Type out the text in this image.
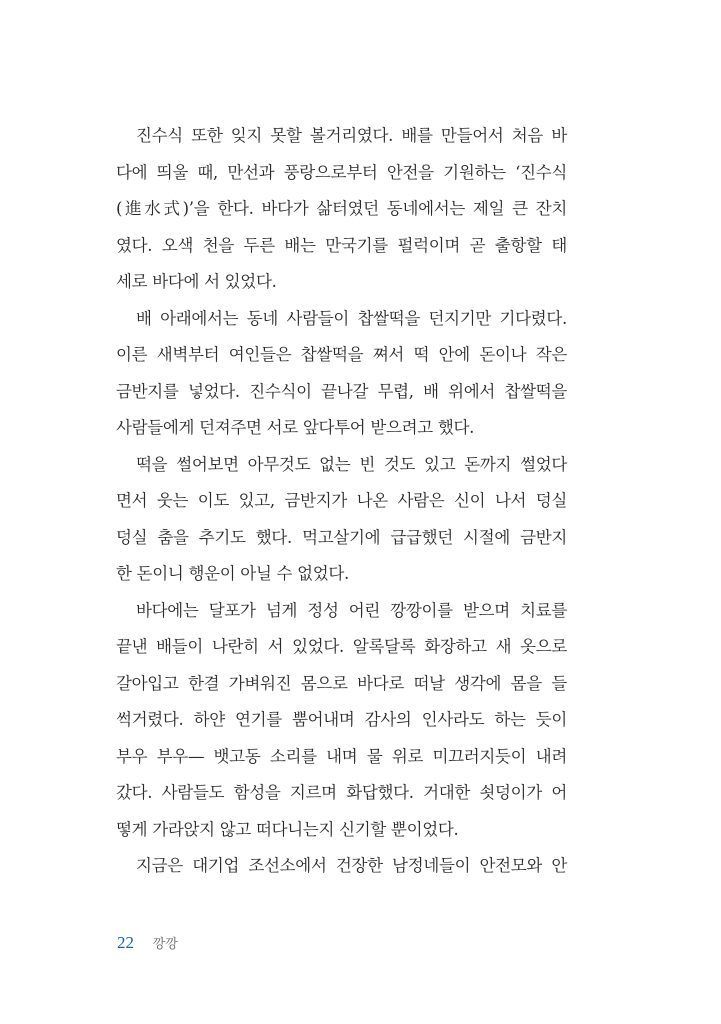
진수식 또한 잊지 못할 볼거리였다. 배를 만들어서 처음 바
다에 띄울 때, 만선과 풍랑으로부터 안전을 기원하는 ‘진수식
(進水式)’을 한다. 바다가 삶터였던 동네에서는 제일 큰 잔치
였다. 오색 천을 두른 배는 만국기를 펄럭이며 곧 출항할 태
세로 바다에 서 있었다.
배 아래에서는 동네 사람들이 찹쌀떡을 던지기만 기다렸다.
이른 새벽부터 여인들은 찹쌀떡을 쪄서 떡 안에 돈이나 작은
금반지를 넣었다. 진수식이 끝나갈 무렵, 배 위에서 찹쌀떡을
사람들에게 던져주면 서로 앞다투어 받으려고 했다.
떡을 썰어보면 아무것도 없는 빈 것도 있고 돈까지 썰었다
면서 웃는 이도 있고, 금반지가 나온 사람은 신이 나서 덩실
덩실 춤을 추기도 했다. 먹고살기에 급급했던 시절에 금반지
한 돈이니 행운이 아닐 수 없었다.
바다에는 달포가 넘게 정성 어린 깡깡이를 받으며 치료를
끝낸 배들이 나란히 서 있었다. 알록달록 화장하고 새 옷으로
갈아입고 한결 가벼워진 몸으로 바다로 떠날 생각에 몸을 들
썩거렸다. 하얀 연기를 뿜어내며 감사의 인사라도 하는 듯이
부우 부우— 뱃고동 소리를 내며 물 위로 미끄러지듯이 내려
갔다. 사람들도 함성을 지르며 화답했다. 거대한 쇳덩이가 어
떻게 가라앉지 않고 떠다니는지 신기할 뿐이었다.
지금은 대기업 조선소에서 건장한 남정네들이 안전모와 안
22 깡깡
